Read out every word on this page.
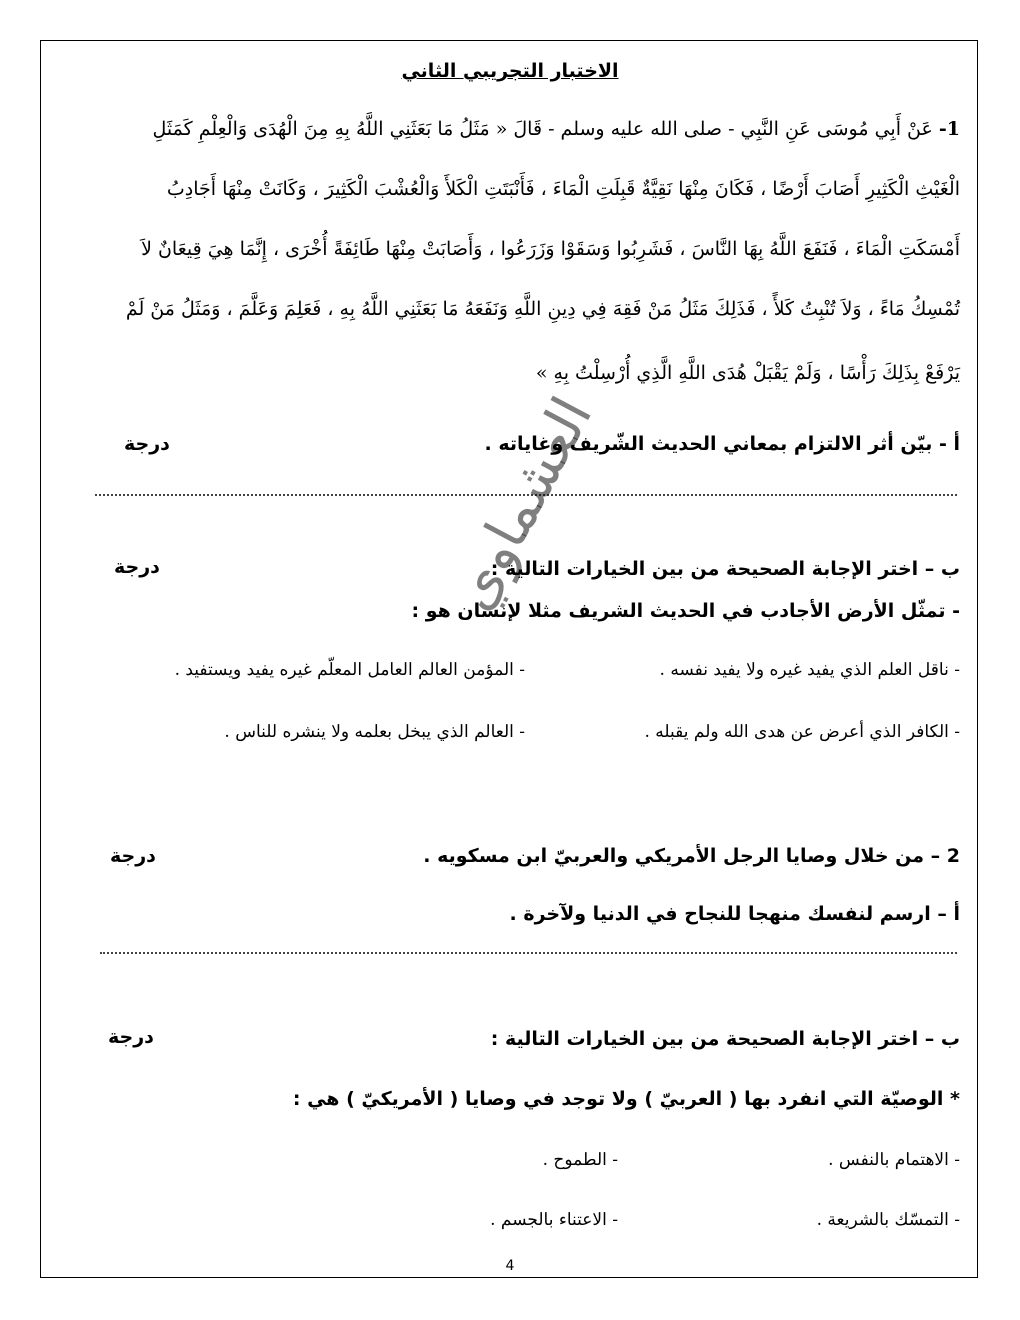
الاختبار التجريبي الثاني
1- عَنْ أَبِي مُوسَى عَنِ النَّبِي - صلى الله عليه وسلم - قَالَ « مَثَلُ مَا بَعَثَنِي اللَّهُ بِهِ مِنَ الْهُدَى وَالْعِلْمِ كَمَثَلِ
الْغَيْثِ الْكَثِيرِ أَصَابَ أَرْضًا ، فَكَانَ مِنْهَا نَقِيَّةٌ قَبِلَتِ الْمَاءَ ، فَأَنْبَتَتِ الْكَلأَ وَالْعُشْبَ الْكَثِيرَ ، وَكَانَتْ مِنْهَا أَجَادِبُ
أَمْسَكَتِ الْمَاءَ ، فَنَفَعَ اللَّهُ بِهَا النَّاسَ ، فَشَرِبُوا وَسَقَوْا وَزَرَعُوا ، وَأَصَابَتْ مِنْهَا طَائِفَةً أُخْرَى ، إِنَّمَا هِيَ قِيعَانٌ لاَ
تُمْسِكُ مَاءً ، وَلاَ تُنْبِتُ كَلأً ، فَذَلِكَ مَثَلُ مَنْ فَقِهَ فِي دِينِ اللَّهِ وَنَفَعَهُ مَا بَعَثَنِي اللَّهُ بِهِ ، فَعَلِمَ وَعَلَّمَ ، وَمَثَلُ مَنْ لَمْ
يَرْفَعْ بِذَلِكَ رَأْسًا ، وَلَمْ يَقْبَلْ هُدَى اللَّهِ الَّذِي أُرْسِلْتُ بِهِ »
أ - بيّن أثر الالتزام بمعاني الحديث الشّريف وغاياته .
درجة
ب – اختر الإجابة الصحيحة من بين الخيارات التالية :
درجة
- تمثّل الأرض الأجادب في الحديث الشريف مثلا لإنسان هو :
- ناقل العلم الذي يفيد غيره ولا يفيد نفسه .
- المؤمن العالم العامل المعلّم غيره يفيد ويستفيد .
- الكافر الذي أعرض عن هدى الله ولم يقبله .
- العالم الذي يبخل بعلمه ولا ينشره للناس .
2 – من خلال وصايا الرجل الأمريكي والعربيّ ابن مسكويه .
درجة
أ – ارسم لنفسك منهجا للنجاح في الدنيا ولآخرة .
ب – اختر الإجابة الصحيحة من بين الخيارات التالية :
درجة
* الوصيّة التي انفرد بها ( العربيّ ) ولا توجد في وصايا ( الأمريكيّ ) هي :
- الاهتمام بالنفس .
- الطموح .
- التمسّك بالشريعة .
- الاعتناء بالجسم .
العشماوي
4
